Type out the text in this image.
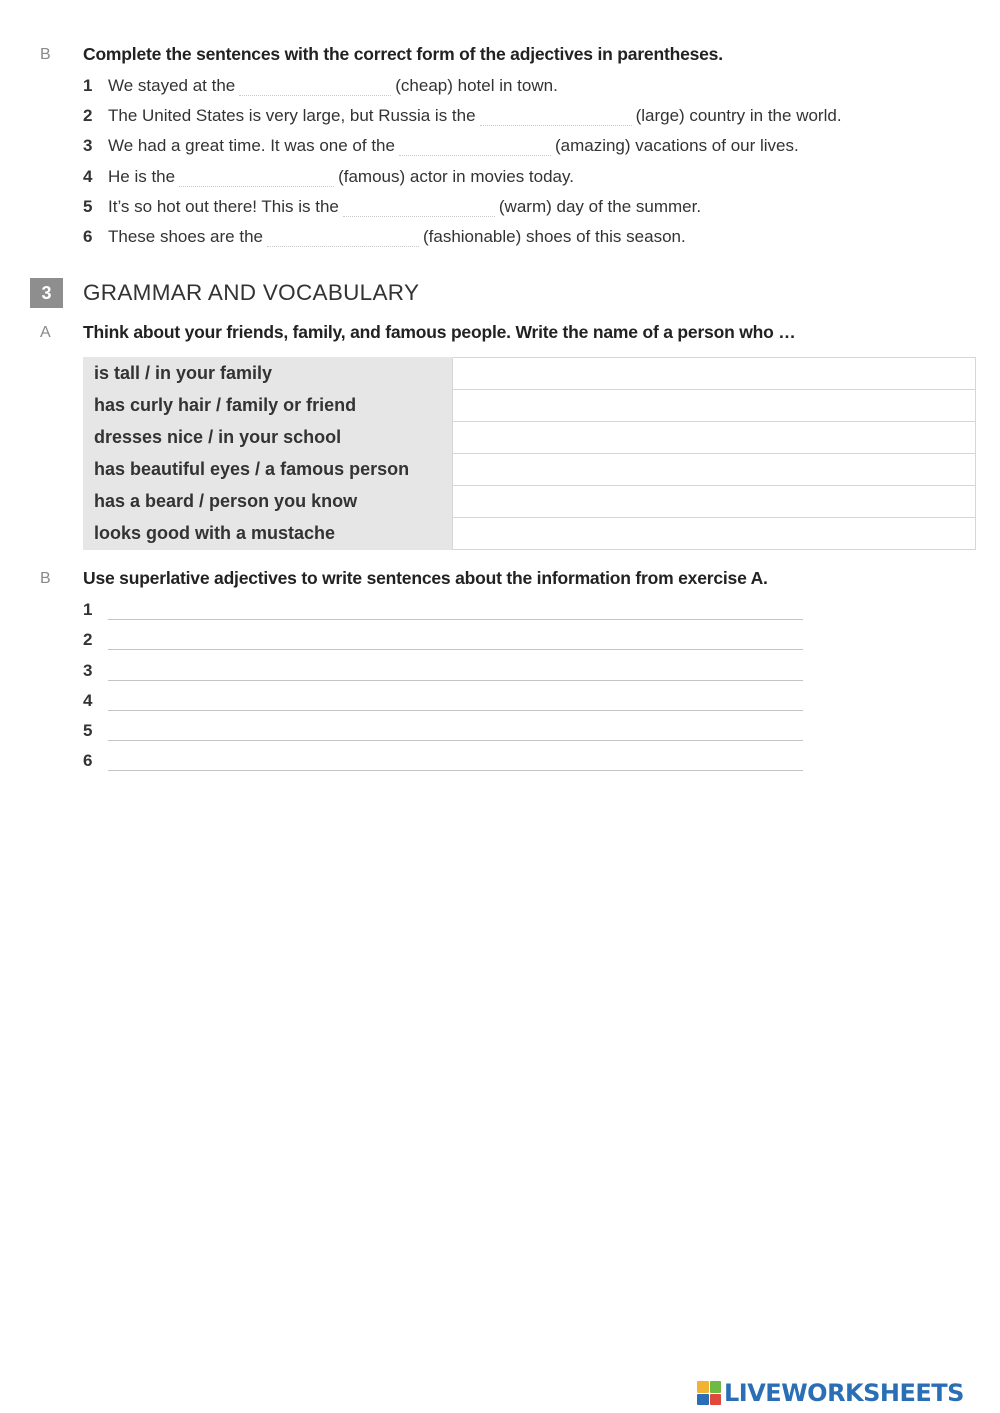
B Complete the sentences with the correct form of the adjectives in parentheses.
1 We stayed at the	(cheap) hotel in town.
2 The United States is very large, but Russia is the	(large) country in the world.
3 We had a great time. It was one of the	(amazing) vacations of our lives.
4 He is the	(famous) actor in movies today.
5 It’s so hot out there! This is the	(warm) day of the summer.
6 These shoes are the	(fashionable) shoes of this season.
3	GRAMMAR AND VOCABULARY
A Think about your friends, family, and famous people. Write the name of a person who …
is tall / in your family	
has curly hair / family or friend	
dresses nice / in your school	
has beautiful eyes / a famous person	
has a beard / person you know	
looks good with a mustache	
B Use superlative adjectives to write sentences about the information from exercise A.
1
2
3
4
5
6
LIVEWORKSHEETS
